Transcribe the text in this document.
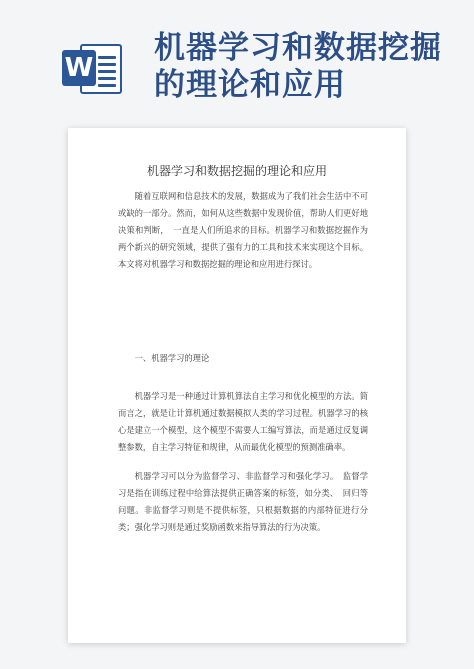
W
机器学习和数据挖掘的理论和应用
机器学习和数据挖掘的理论和应用

随着互联网和信息技术的发展，数据成为了我们社会生活中不可或缺的一部分。然而，如何从这些数据中发现价值，帮助人们更好地决策和判断，　一直是人们所追求的目标。机器学习和数据挖掘作为两个新兴的研究领域，提供了强有力的工具和技术来实现这个目标。本文将对机器学习和数据挖掘的理论和应用进行探讨。

一、机器学习的理论

机器学习是一种通过计算机算法自主学习和优化模型的方法。简而言之，就是让计算机通过数据模拟人类的学习过程。机器学习的核心是建立一个模型，这个模型不需要人工编写算法，而是通过反复调整参数，自主学习特征和规律，从而最优化模型的预测准确率。

机器学习可以分为监督学习、非监督学习和强化学习。　监督学习是指在训练过程中给算法提供正确答案的标签，如分类、　回归等问题。非监督学习则是不提供标签，只根据数据的内部特征进行分类；强化学习则是通过奖励函数来指导算法的行为决策。
